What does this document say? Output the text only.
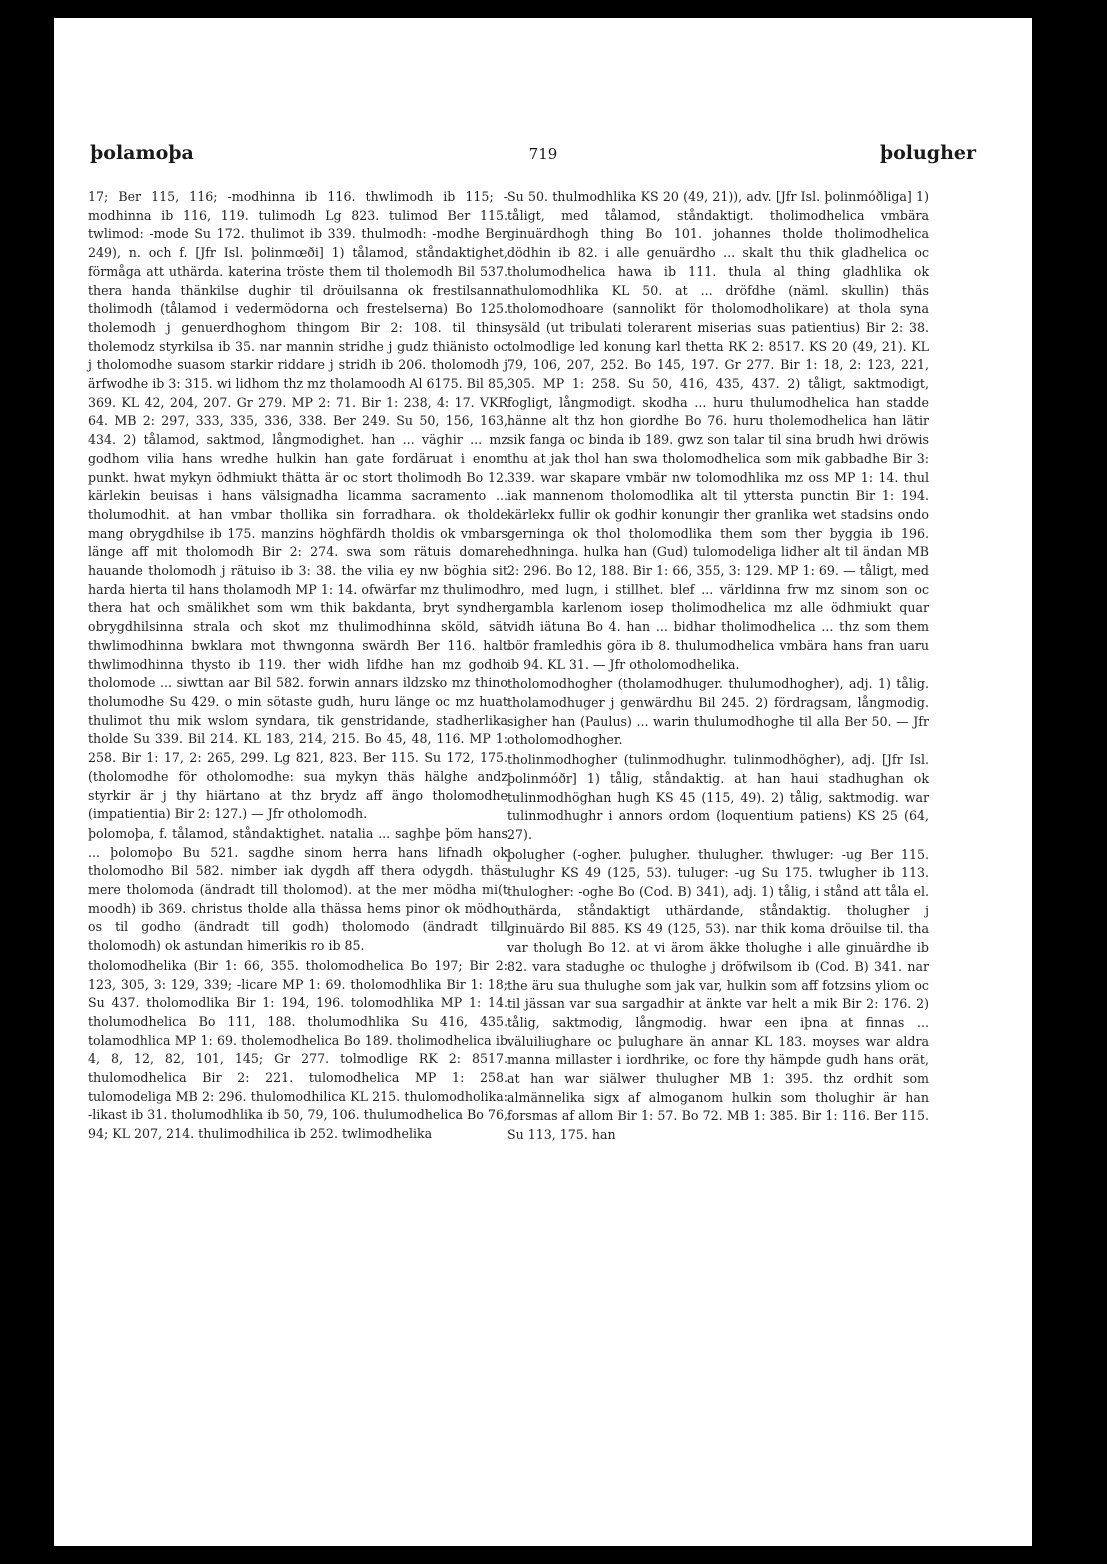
þolamoþa	719	þolugher

17; Ber 115, 116; -modhinna ib 116. thwlimodh ib 115; -modhinna ib 116, 119. tulimodh Lg 823. tulimod Ber 115. twlimod: -mode Su 172. thulimot ib 339. thulmodh: -modhe Ber 249), n. och f. [Jfr Isl. þolinmœði] 1) tålamod, ståndaktighet, förmåga att uthärda. katerina tröste them til tholemodh Bil 537. thera handa thänkilse dughir til dröuilsanna ok frestilsanna tholimodh (tålamod i vedermödorna och frestelserna) Bo 125. tholemodh j genuerdhoghom thingom Bir 2: 108. til thins tholemodz styrkilsa ib 35. nar mannin stridhe j gudz thiänisto oc j tholomodhe suasom starkir riddare j stridh ib 206. tholomodh j ärfwodhe ib 3: 315. wi lidhom thz mz tholamoodh Al 6175. Bil 85, 369. KL 42, 204, 207. Gr 279. MP 2: 71. Bir 1: 238, 4: 17. VKR 64. MB 2: 297, 333, 335, 336, 338. Ber 249. Su 50, 156, 163, 434. 2) tålamod, saktmod, långmodighet. han ... väghir ... mz godhom vilia hans wredhe hulkin han gate fordäruat i enom punkt. hwat mykyn ödhmiukt thätta är oc stort tholimodh Bo 12. kärlekin beuisas i hans välsignadha licamma sacramento ... tholumodhit. at han vmbar thollika sin forradhara. ok tholde mang obrygdhilse ib 175. manzins höghfärdh tholdis ok vmbars länge aff mit tholomodh Bir 2: 274. swa som rätuis domare hauande tholomodh j rätuiso ib 3: 38. the vilia ey nw böghia sit harda hierta til hans tholamodh MP 1: 14. ofwärfar mz thulimodh thera hat och smälikhet som wm thik bakdanta, bryt syndher obrygdhilsinna strala och skot mz thulimodhinna sköld, sät thwlimodhinna bwklara mot thwngonna swärdh Ber 116. halt thwlimodhinna thysto ib 119. ther widh lifdhe han mz godho tholomode ... siwttan aar Bil 582. forwin annars ildzsko mz thino tholumodhe Su 429. o min sötaste gudh, huru länge oc mz huat thulimot thu mik wslom syndara, tik genstridande, stadherlika tholde Su 339. Bil 214. KL 183, 214, 215. Bo 45, 48, 116. MP 1: 258. Bir 1: 17, 2: 265, 299. Lg 821, 823. Ber 115. Su 172, 175. (tholomodhe för otholomodhe: sua mykyn thäs hälghe andz styrkir är j thy hiärtano at thz brydz aff ängo tholomodhe (impatientia) Bir 2: 127.) — Jfr otholomodh.

þolomoþa, f. tålamod, ståndaktighet. natalia ... saghþe þöm hans ... þolomoþo Bu 521. sagdhe sinom herra hans lifnadh ok tholomodho Bil 582. nimber iak dygdh aff thera odygdh. thäs mere tholomoda (ändradt till tholomod). at the mer mödha mi(t moodh) ib 369. christus tholde alla thässa hems pinor ok mödho os til godho (ändradt till godh) tholomodo (ändradt till tholomodh) ok astundan himerikis ro ib 85.

tholomodhelika (Bir 1: 66, 355. tholomodhelica Bo 197; Bir 2: 123, 305, 3: 129, 339; -licare MP 1: 69. tholomodhlika Bir 1: 18; Su 437. tholomodlika Bir 1: 194, 196. tolomodhlika MP 1: 14. tholumodhelica Bo 111, 188. tholumodhlika Su 416, 435. tolamodhlica MP 1: 69. tholemodhelica Bo 189. tholimodhelica ib 4, 8, 12, 82, 101, 145; Gr 277. tolmodlige RK 2: 8517. thulomodhelica Bir 2: 221. tulomodhelica MP 1: 258. tulomodeliga MB 2: 296. thulomodhilica KL 215. thulomodholika: -likast ib 31. tholumodhlika ib 50, 79, 106. thulumodhelica Bo 76, 94; KL 207, 214. thulimodhilica ib 252. twlimodhelika

Su 50. thulmodhlika KS 20 (49, 21)), adv. [Jfr Isl. þolinmóðliga] 1) tåligt, med tålamod, ståndaktigt. tholimodhelica vmbära ginuärdhogh thing Bo 101. johannes tholde tholimodhelica dödhin ib 82. i alle genuärdho ... skalt thu thik gladhelica oc tholumodhelica hawa ib 111. thula al thing gladhlika ok thulomodhlika KL 50. at ... dröfdhe (näml. skullin) thäs tholomodhoare (sannolikt för tholomodholikare) at thola syna ysäld (ut tribulati tolerarent miserias suas patientius) Bir 2: 38. tolmodlige led konung karl thetta RK 2: 8517. KS 20 (49, 21). KL 79, 106, 207, 252. Bo 145, 197. Gr 277. Bir 1: 18, 2: 123, 221, 305. MP 1: 258. Su 50, 416, 435, 437. 2) tåligt, saktmodigt, fogligt, långmodigt. skodha ... huru thulumodhelica han stadde hänne alt thz hon giordhe Bo 76. huru tholemodhelica han lätir sik fanga oc binda ib 189. gwz son talar til sina brudh hwi dröwis thu at jak thol han swa tholomodhelica som mik gabbadhe Bir 3: 339. war skapare vmbär nw tolomodhlika mz oss MP 1: 14. thul iak mannenom tholomodlika alt til yttersta punctin Bir 1: 194. kärlekx fullir ok godhir konungir ther granlika wet stadsins ondo gerninga ok thol tholomodlika them som ther byggia ib 196. hedhninga. hulka han (Gud) tulomodeliga lidher alt til ändan MB 2: 296. Bo 12, 188. Bir 1: 66, 355, 3: 129. MP 1: 69. — tåligt, med ro, med lugn, i stillhet. blef ... världinna frw mz sinom son oc gambla karlenom iosep tholimodhelica mz alle ödhmiukt quar vidh iätuna Bo 4. han ... bidhar tholimodhelica ... thz som them bör framledhis göra ib 8. thulumodhelica vmbära hans fran uaru ib 94. KL 31. — Jfr otholomodhelika.

tholomodhogher (tholamodhuger. thulumodhogher), adj. 1) tålig. tholamodhuger j genwärdhu Bil 245. 2) fördragsam, långmodig. sigher han (Paulus) ... warin thulumodhoghe til alla Ber 50. — Jfr otholomodhogher.

tholinmodhogher (tulinmodhughr. tulinmodhögher), adj. [Jfr Isl. þolinmóðr] 1) tålig, ståndaktig. at han haui stadhughan ok tulinmodhöghan hugh KS 45 (115, 49). 2) tålig, saktmodig. war tulinmodhughr i annors ordom (loquentium patiens) KS 25 (64, 27).

þolugher (-ogher. þulugher. thulugher. thwluger: -ug Ber 115. tulughr KS 49 (125, 53). tuluger: -ug Su 175. twlugher ib 113. thulogher: -oghe Bo (Cod. B) 341), adj. 1) tålig, i stånd att tåla el. uthärda, ståndaktigt uthärdande, ståndaktig. tholugher j ginuärdo Bil 885. KS 49 (125, 53). nar thik koma dröuilse til. tha var tholugh Bo 12. at vi ärom äkke tholughe i alle ginuärdhe ib 82. vara stadughe oc thuloghe j dröfwilsom ib (Cod. B) 341. nar the äru sua thulughe som jak var, hulkin som aff fotzsins yliom oc til jässan var sua sargadhir at änkte var helt a mik Bir 2: 176. 2) tålig, saktmodig, långmodig. hwar een iþna at finnas ... väluiliughare oc þulughare än annar KL 183. moyses war aldra manna millaster i iordhrike, oc fore thy hämpde gudh hans orät, at han war siälwer thulugher MB 1: 395. thz ordhit som almännelika sigx af almoganom hulkin som tholughir är han forsmas af allom Bir 1: 57. Bo 72. MB 1: 385. Bir 1: 116. Ber 115. Su 113, 175. han
